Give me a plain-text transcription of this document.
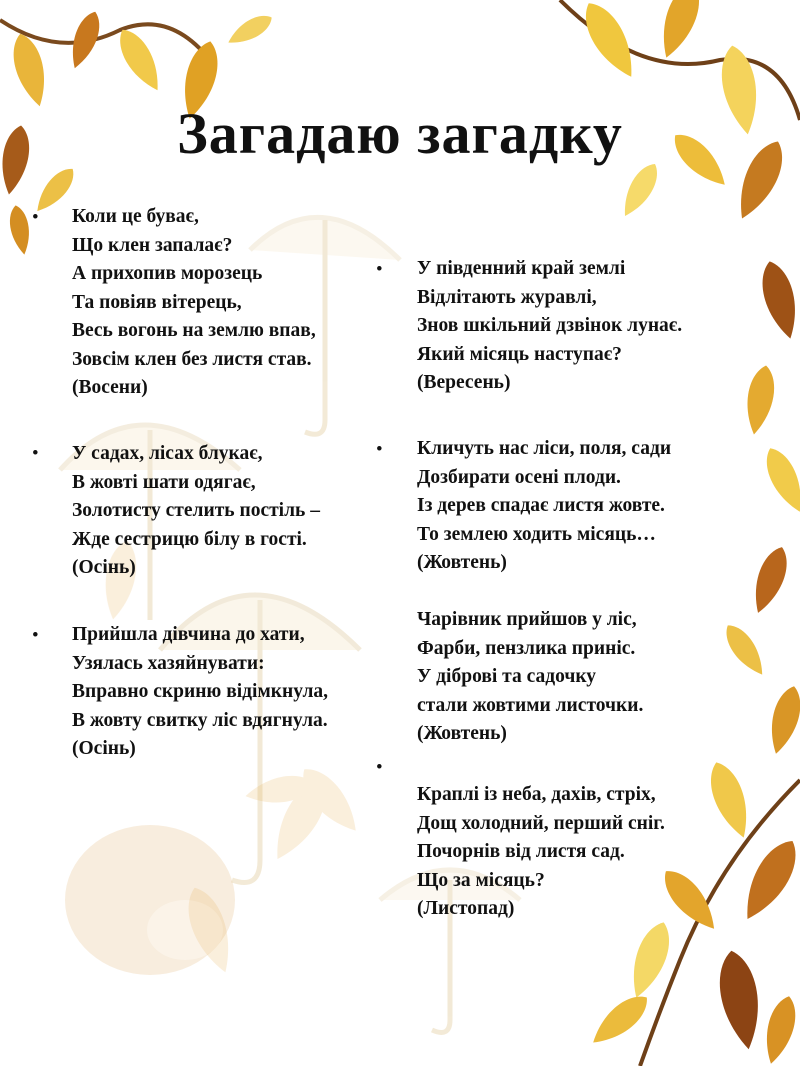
Загадаю загадку
• Коли це буває,
Що клен запалає?
А прихопив морозець
Та повіяв вітерець,
Весь вогонь на землю впав,
Зовсім клен без листя став.
(Восени)
• У садах, лісах блукає,
В жовті шати одягає,
Золотисту стелить постіль –
Жде сестрицю білу в гості.
(Осінь)
• Прийшла дівчина до хати,
Узялась хазяйнувати:
Вправно скриню відімкнула,
В жовту свитку ліс вдягнула.
(Осінь)
• У південний край землі
Відлітають журавлі,
Знов шкільний дзвінок лунає.
Який місяць наступає?
(Вересень)
• Кличуть нас ліси, поля, сади
Дозбирати осені плоди.
Із дерев спадає листя жовте.
То землею ходить місяць…
(Жовтень)
Чарівник прийшов у ліс,
Фарби, пензлика приніс.
У діброві та садочку
стали жовтими листочки.
(Жовтень)
•
Краплі із неба, дахів, стріх,
Дощ холодний, перший сніг.
Почорнів від листя сад.
Що за місяць?
(Листопад)
